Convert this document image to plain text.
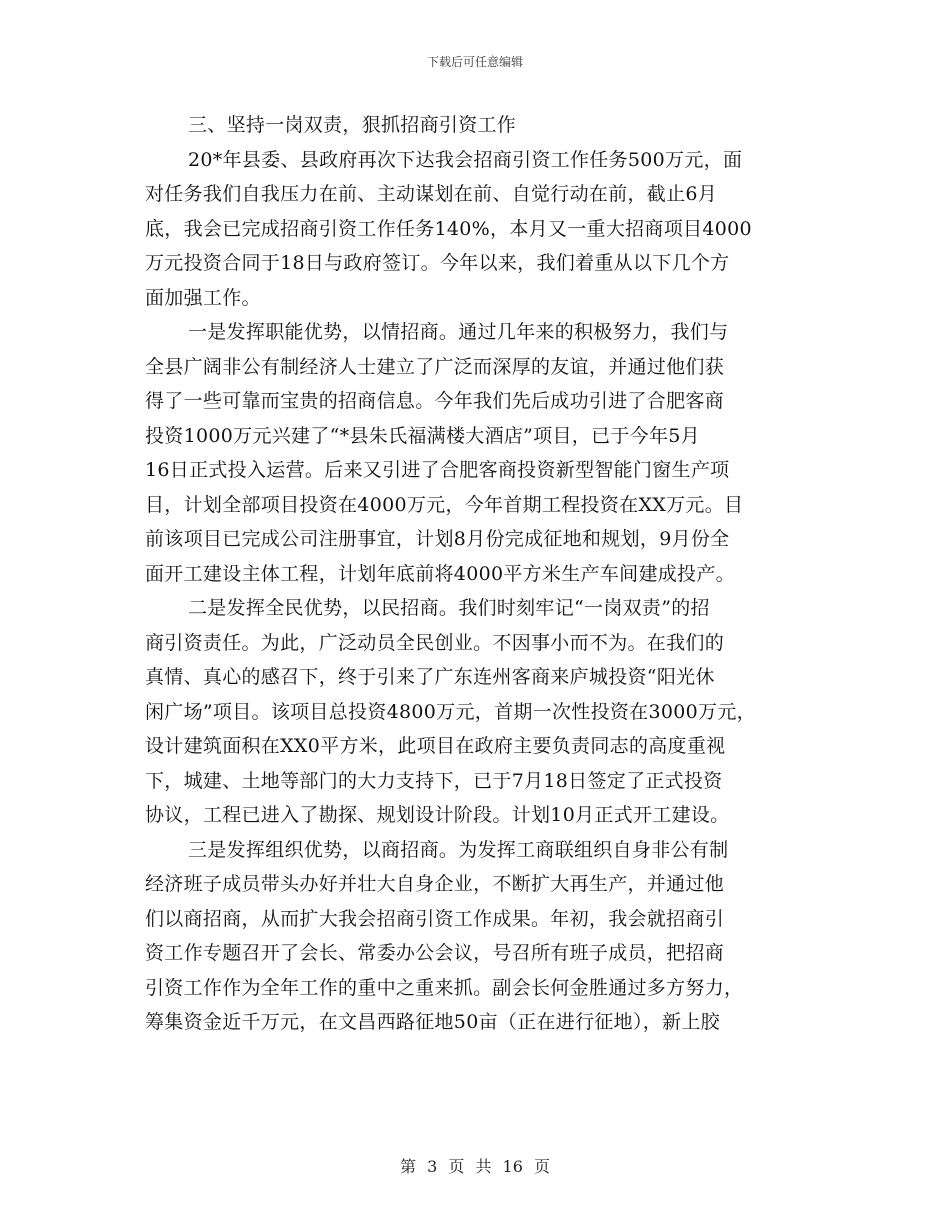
下载后可任意编辑
三、坚持一岗双责，狠抓招商引资工作
20*年县委、县政府再次下达我会招商引资工作任务500万元，面
对任务我们自我压力在前、主动谋划在前、自觉行动在前，截止6月
底，我会已完成招商引资工作任务140%，本月又一重大招商项目4000
万元投资合同于18日与政府签订。今年以来，我们着重从以下几个方
面加强工作。
一是发挥职能优势，以情招商。通过几年来的积极努力，我们与
全县广阔非公有制经济人士建立了广泛而深厚的友谊，并通过他们获
得了一些可靠而宝贵的招商信息。今年我们先后成功引进了合肥客商
投资1000万元兴建了“*县朱氏福满楼大酒店”项目，已于今年5月
16日正式投入运营。后来又引进了合肥客商投资新型智能门窗生产项
目，计划全部项目投资在4000万元，今年首期工程投资在XX万元。目
前该项目已完成公司注册事宜，计划8月份完成征地和规划，9月份全
面开工建设主体工程，计划年底前将4000平方米生产车间建成投产。
二是发挥全民优势，以民招商。我们时刻牢记“一岗双责”的招
商引资责任。为此，广泛动员全民创业。不因事小而不为。在我们的
真情、真心的感召下，终于引来了广东连州客商来庐城投资“阳光休
闲广场”项目。该项目总投资4800万元，首期一次性投资在3000万元，
设计建筑面积在XX0平方米，此项目在政府主要负责同志的高度重视
下，城建、土地等部门的大力支持下，已于7月18日签定了正式投资
协议，工程已进入了勘探、规划设计阶段。计划10月正式开工建设。
三是发挥组织优势，以商招商。为发挥工商联组织自身非公有制
经济班子成员带头办好并壮大自身企业，不断扩大再生产，并通过他
们以商招商，从而扩大我会招商引资工作成果。年初，我会就招商引
资工作专题召开了会长、常委办公会议，号召所有班子成员，把招商
引资工作作为全年工作的重中之重来抓。副会长何金胜通过多方努力，
筹集资金近千万元，在文昌西路征地50亩（正在进行征地），新上胶
第 3 页 共 16 页
